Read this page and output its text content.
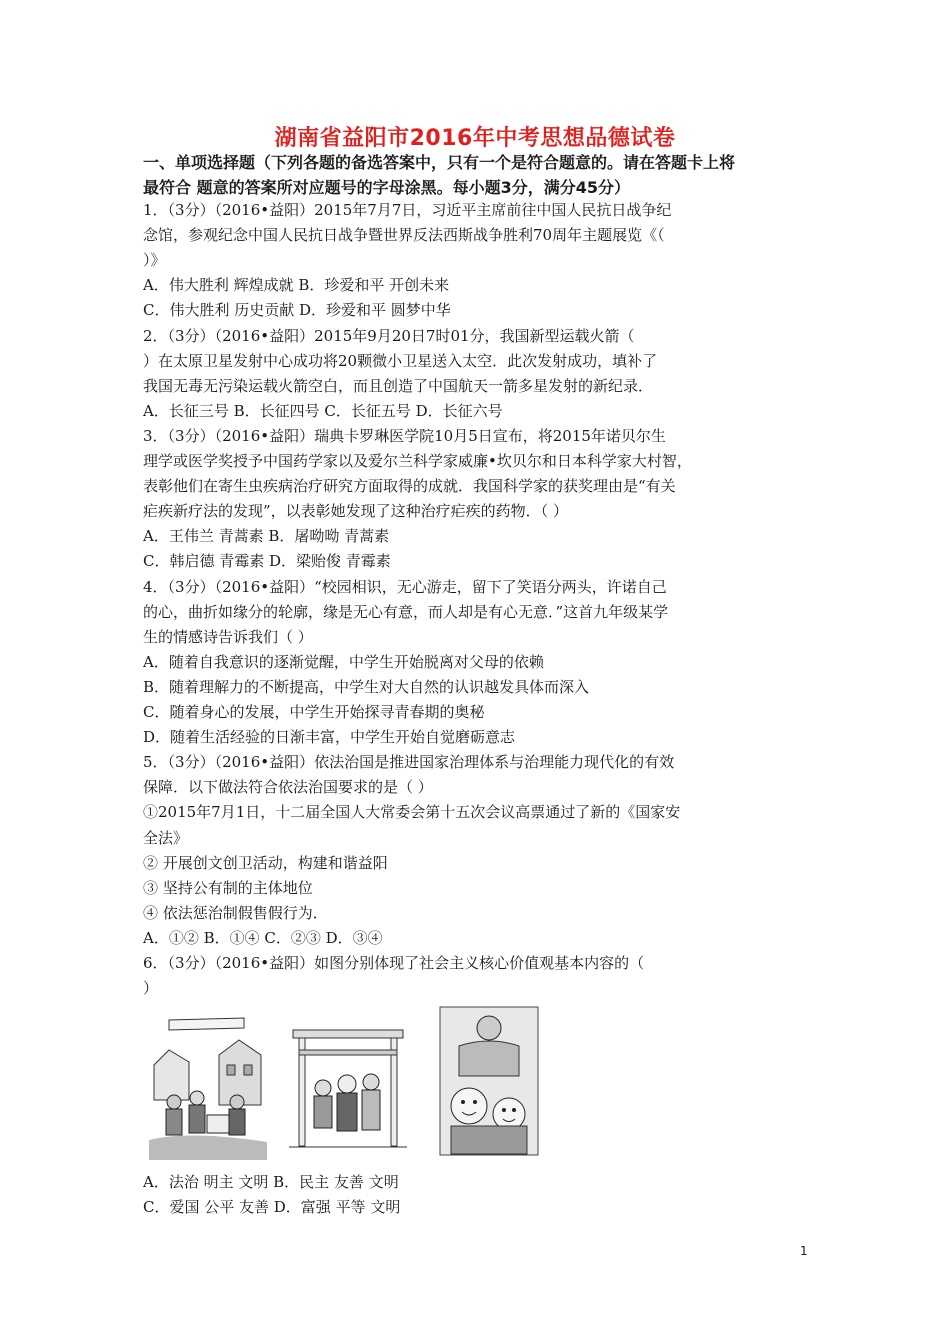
湖南省益阳市2016年中考思想品德试卷
一、单项选择题（下列各题的备选答案中，只有一个是符合题意的。请在答题卡上将
最符合 题意的答案所对应题号的字母涂黑。每小题3分，满分45分）
1．（3分）（2016•益阳）2015年7月7日，习近平主席前往中国人民抗日战争纪
念馆，参观纪念中国人民抗日战争暨世界反法西斯战争胜利70周年主题展览《（
）》
A．伟大胜利 辉煌成就 B．珍爱和平 开创未来
C．伟大胜利 历史贡献 D．珍爱和平 圆梦中华
2．（3分）（2016•益阳）2015年9月20日7时01分，我国新型运载火箭（
）在太原卫星发射中心成功将20颗微小卫星送入太空．此次发射成功，填补了
我国无毒无污染运载火箭空白，而且创造了中国航天一箭多星发射的新纪录．
A．长征三号 B．长征四号 C．长征五号 D．长征六号
3．（3分）（2016•益阳）瑞典卡罗琳医学院10月5日宣布，将2015年诺贝尔生
理学或医学奖授予中国药学家以及爱尔兰科学家威廉•坎贝尔和日本科学家大村智，
表彰他们在寄生虫疾病治疗研究方面取得的成就．我国科学家的获奖理由是“有关
疟疾新疗法的发现”，以表彰她发现了这种治疗疟疾的药物．（ ）
A．王伟兰 青蒿素 B．屠呦呦 青蒿素
C．韩启德 青霉素 D．梁贻俊 青霉素
4．（3分）（2016•益阳）“校园相识，无心游走，留下了笑语分两头，许诺自己
的心，曲折如缘分的轮廓，缘是无心有意，而人却是有心无意．”这首九年级某学
生的情感诗告诉我们（ ）
A．随着自我意识的逐渐觉醒，中学生开始脱离对父母的依赖
B．随着理解力的不断提高，中学生对大自然的认识越发具体而深入
C．随着身心的发展，中学生开始探寻青春期的奥秘
D．随着生活经验的日渐丰富，中学生开始自觉磨砺意志
5．（3分）（2016•益阳）依法治国是推进国家治理体系与治理能力现代化的有效
保障．以下做法符合依法治国要求的是（ ）
①2015年7月1日，十二届全国人大常委会第十五次会议高票通过了新的《国家安
全法》
② 开展创文创卫活动，构建和谐益阳
③ 坚持公有制的主体地位
④ 依法惩治制假售假行为．
A．①② B．①④ C．②③ D．③④
6．（3分）（2016•益阳）如图分别体现了社会主义核心价值观基本内容的（
）
A．法治 明主 文明 B．民主 友善 文明
C．爱国 公平 友善 D．富强 平等 文明
1
